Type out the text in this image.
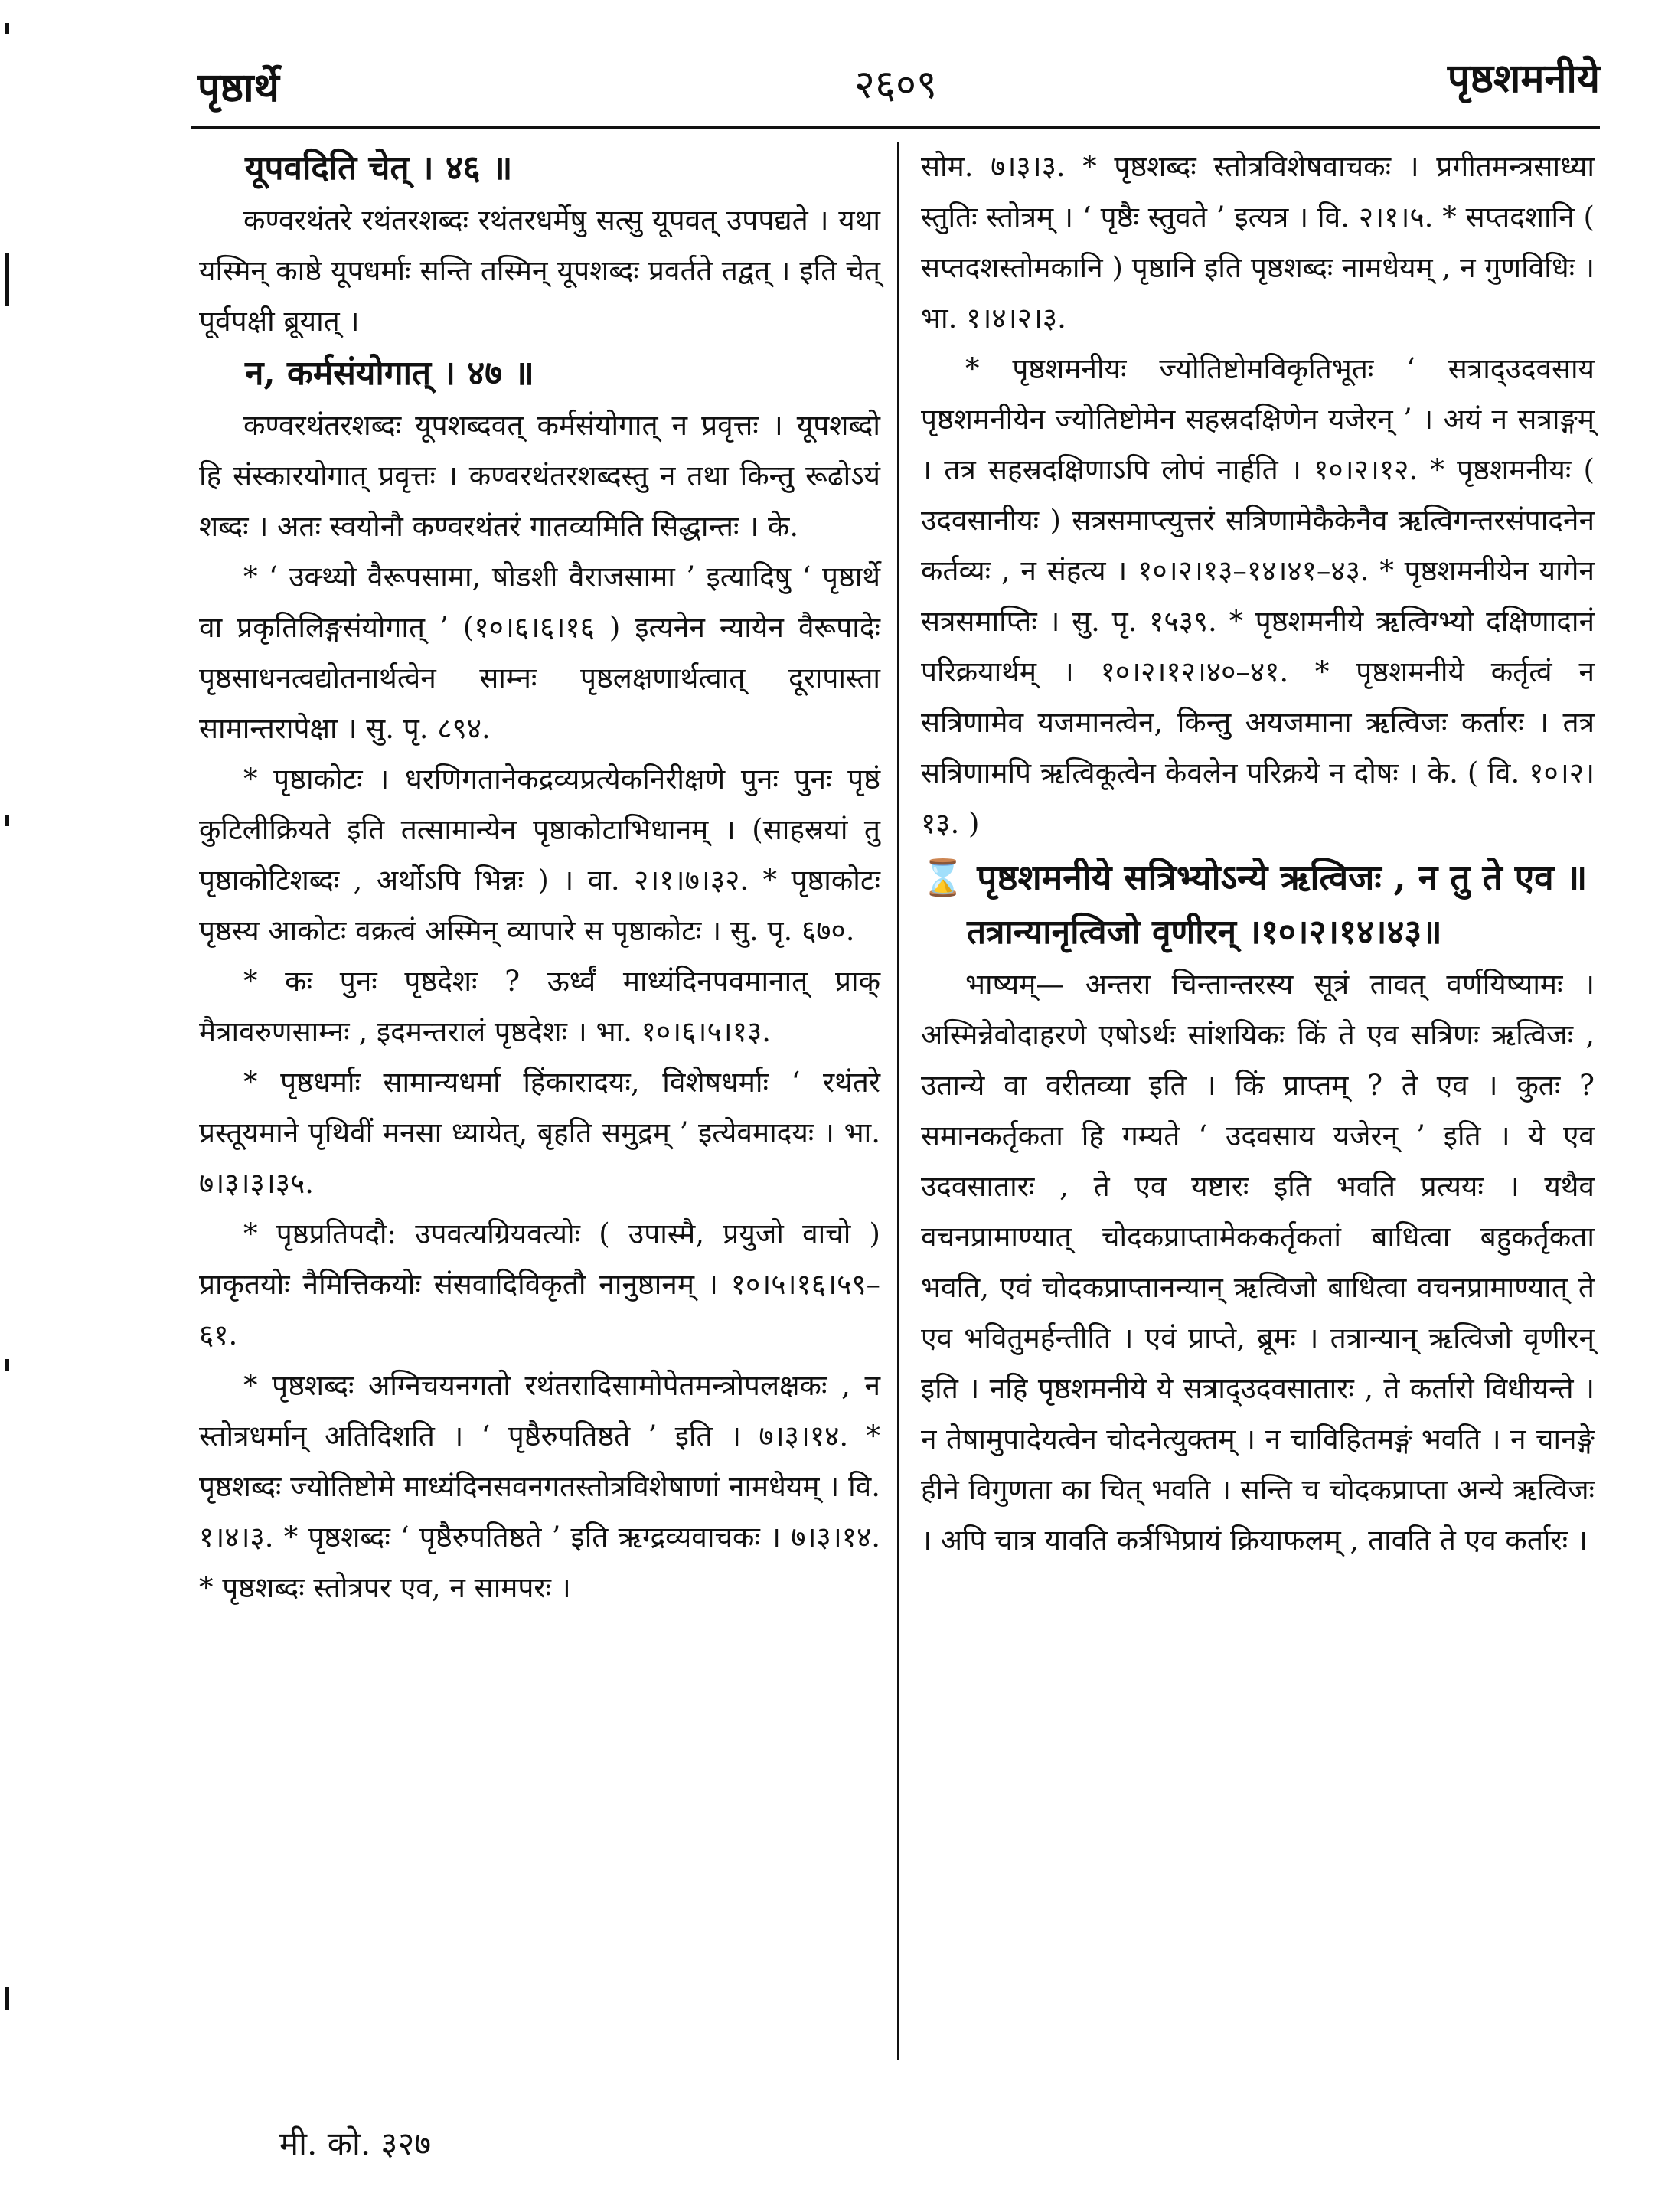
पृष्ठार्थे	२६०९	पृष्ठशमनीये

यूपवदिति चेत् । ४६ ॥

कण्वरथंतरे रथंतरशब्दः रथंतरधर्मेषु सत्सु यूपवत् उपपद्यते । यथा यस्मिन् काष्ठे यूपधर्माः सन्ति तस्मिन् यूपशब्दः प्रवर्तते तद्वत् । इति चेत् पूर्वपक्षी ब्रूयात् ।

न, कर्मसंयोगात् । ४७ ॥

कण्वरथंतरशब्दः यूपशब्दवत् कर्मसंयोगात् न प्रवृत्तः । यूपशब्दो हि संस्कारयोगात् प्रवृत्तः । कण्वरथंतरशब्दस्तु न तथा किन्तु रूढोऽयं शब्दः । अतः स्वयोनौ कण्वरथंतरं गातव्यमिति सिद्धान्तः । के.

* ‘ उक्थ्यो वैरूपसामा, षोडशी वैराजसामा ’ इत्यादिषु ‘ पृष्ठार्थे वा प्रकृतिलिङ्गसंयोगात् ’ (१०।६।६।१६ ) इत्यनेन न्यायेन वैरूपादेः पृष्ठसाधनत्वद्योतनार्थत्वेन साम्नः पृष्ठलक्षणार्थत्वात् दूरापास्ता सामान्तरापेक्षा । सु. पृ. ८९४.

* पृष्ठाकोटः । धरणिगतानेकद्रव्यप्रत्येकनिरीक्षणे पुनः पुनः पृष्ठं कुटिलीक्रियते इति तत्सामान्येन पृष्ठाकोटाभिधानम् । (साहस्रयां तु पृष्ठाकोटिशब्दः , अर्थोऽपि भिन्नः ) । वा. २।१।७।३२. * पृष्ठाकोटः पृष्ठस्य आकोटः वक्रत्वं अस्मिन् व्यापारे स पृष्ठाकोटः । सु. पृ. ६७०.

* कः पुनः पृष्ठदेशः ? ऊर्ध्वं माध्यंदिनपवमानात् प्राक् मैत्रावरुणसाम्नः , इदमन्तरालं पृष्ठदेशः । भा. १०।६।५।१३.

* पृष्ठधर्माः सामान्यधर्मा हिंकारादयः, विशेषधर्माः ‘ रथंतरे प्रस्तूयमाने पृथिवीं मनसा ध्यायेत्, बृहति समुद्रम् ’ इत्येवमादयः । भा. ७।३।३।३५.

* पृष्ठप्रतिपदौ: उपवत्यग्रियवत्योः ( उपास्मै, प्रयुजो वाचो ) प्राकृतयोः नैमित्तिकयोः संसवादिविकृतौ नानुष्ठानम् । १०।५।१६।५९–६१.

* पृष्ठशब्दः अग्निचयनगतो रथंतरादिसामोपेतमन्त्रोपलक्षकः , न स्तोत्रधर्मान् अतिदिशति । ‘ पृष्ठैरुपतिष्ठते ’ इति । ७।३।१४. * पृष्ठशब्दः ज्योतिष्टोमे माध्यंदिनसवनगतस्तोत्रविशेषाणां नामधेयम् । वि. १।४।३. * पृष्ठशब्दः ‘ पृष्ठैरुपतिष्ठते ’ इति ऋग्द्रव्यवाचकः । ७।३।१४. * पृष्ठशब्दः स्तोत्रपर एव, न सामपरः ।

सोम. ७।३।३. * पृष्ठशब्दः स्तोत्रविशेषवाचकः । प्रगीतमन्त्रसाध्या स्तुतिः स्तोत्रम् । ‘ पृष्ठैः स्तुवते ’ इत्यत्र । वि. २।१।५. * सप्तदशानि ( सप्तदशस्तोमकानि ) पृष्ठानि इति पृष्ठशब्दः नामधेयम् , न गुणविधिः । भा. १।४।२।३.

* पृष्ठशमनीयः ज्योतिष्टोमविकृतिभूतः ‘ सत्राद्उदवसाय पृष्ठशमनीयेन ज्योतिष्टोमेन सहस्रदक्षिणेन यजेरन् ’ । अयं न सत्राङ्गम् । तत्र सहस्रदक्षिणाऽपि लोपं नार्हति । १०।२।१२. * पृष्ठशमनीयः ( उदवसानीयः ) सत्रसमाप्त्युत्तरं सत्रिणामेकैकेनैव ऋत्विगन्तरसंपादनेन कर्तव्यः , न संहत्य । १०।२।१३–१४।४१–४३. * पृष्ठशमनीयेन यागेन सत्रसमाप्तिः । सु. पृ. १५३९. * पृष्ठशमनीये ऋत्विग्भ्यो दक्षिणादानं परिक्रयार्थम् । १०।२।१२।४०–४१. * पृष्ठशमनीये कर्तृत्वं न सत्रिणामेव यजमानत्वेन, किन्तु अयजमाना ऋत्विजः कर्तारः । तत्र सत्रिणामपि ऋत्विकूत्वेन केवलेन परिक्रये न दोषः । के. ( वि. १०।२।१३. )

⌛ पृष्ठशमनीये सत्रिभ्योऽन्ये ऋत्विजः , न तु ते एव ॥

तत्रान्यानृत्विजो वृणीरन् ।१०।२।१४।४३॥

भाष्यम्— अन्तरा चिन्तान्तरस्य सूत्रं तावत् वर्णयिष्यामः । अस्मिन्नेवोदाहरणे एषोऽर्थः सांशयिकः किं ते एव सत्रिणः ऋत्विजः , उतान्ये वा वरीतव्या इति । किं प्राप्तम् ? ते एव । कुतः ? समानकर्तृकता हि गम्यते ‘ उदवसाय यजेरन् ’ इति । ये एव उदवसातारः , ते एव यष्टारः इति भवति प्रत्ययः । यथैव वचनप्रामाण्यात् चोदकप्राप्तामेककर्तृकतां बाधित्वा बहुकर्तृकता भवति, एवं चोदकप्राप्तानन्यान् ऋत्विजो बाधित्वा वचनप्रामाण्यात् ते एव भवितुमर्हन्तीति । एवं प्राप्ते, ब्रूमः । तत्रान्यान् ऋत्विजो वृणीरन् इति । नहि पृष्ठशमनीये ये सत्राद्उदवसातारः , ते कर्तारो विधीयन्ते । न तेषामुपादेयत्वेन चोदनेत्युक्तम् । न चाविहितमङ्गं भवति । न चानङ्गे हीने विगुणता का चित् भवति । सन्ति च चोदकप्राप्ता अन्ये ऋत्विजः । अपि चात्र यावति कर्त्रभिप्रायं क्रियाफलम् , तावति ते एव कर्तारः ।

मी. को. ३२७
